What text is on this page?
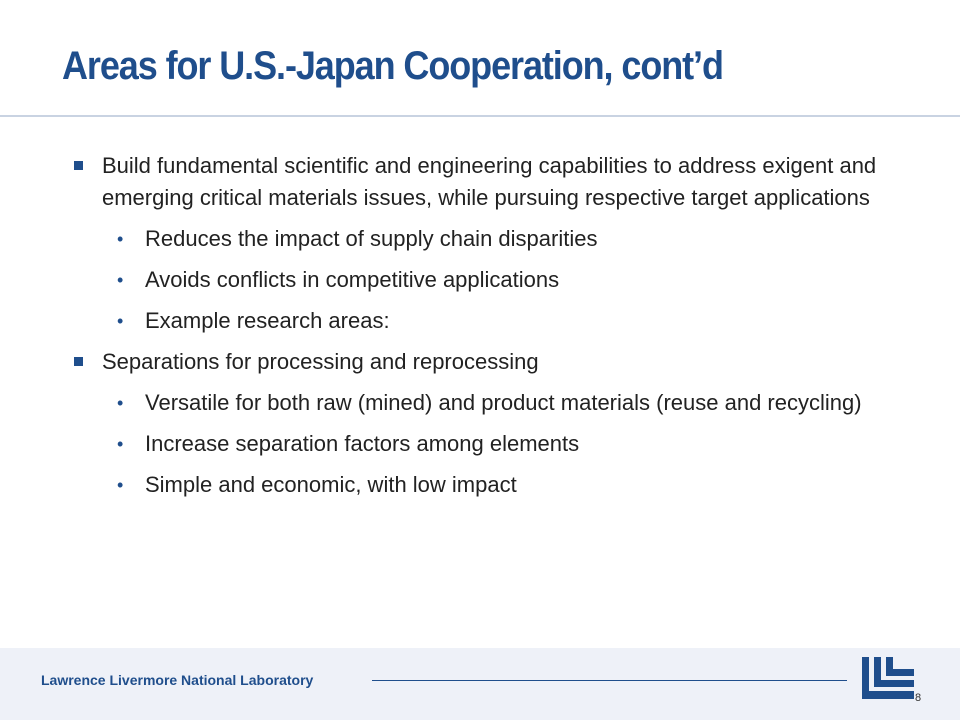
Areas for U.S.-Japan Cooperation, cont’d
Build fundamental scientific and engineering capabilities to address exigent and emerging critical materials issues, while pursuing respective target applications
• Reduces the impact of supply chain disparities
• Avoids conflicts in competitive applications
• Example research areas:
Separations for processing and reprocessing
• Versatile for both raw (mined) and product materials (reuse and recycling)
• Increase separation factors among elements
• Simple and economic, with low impact
Lawrence Livermore National Laboratory
8
